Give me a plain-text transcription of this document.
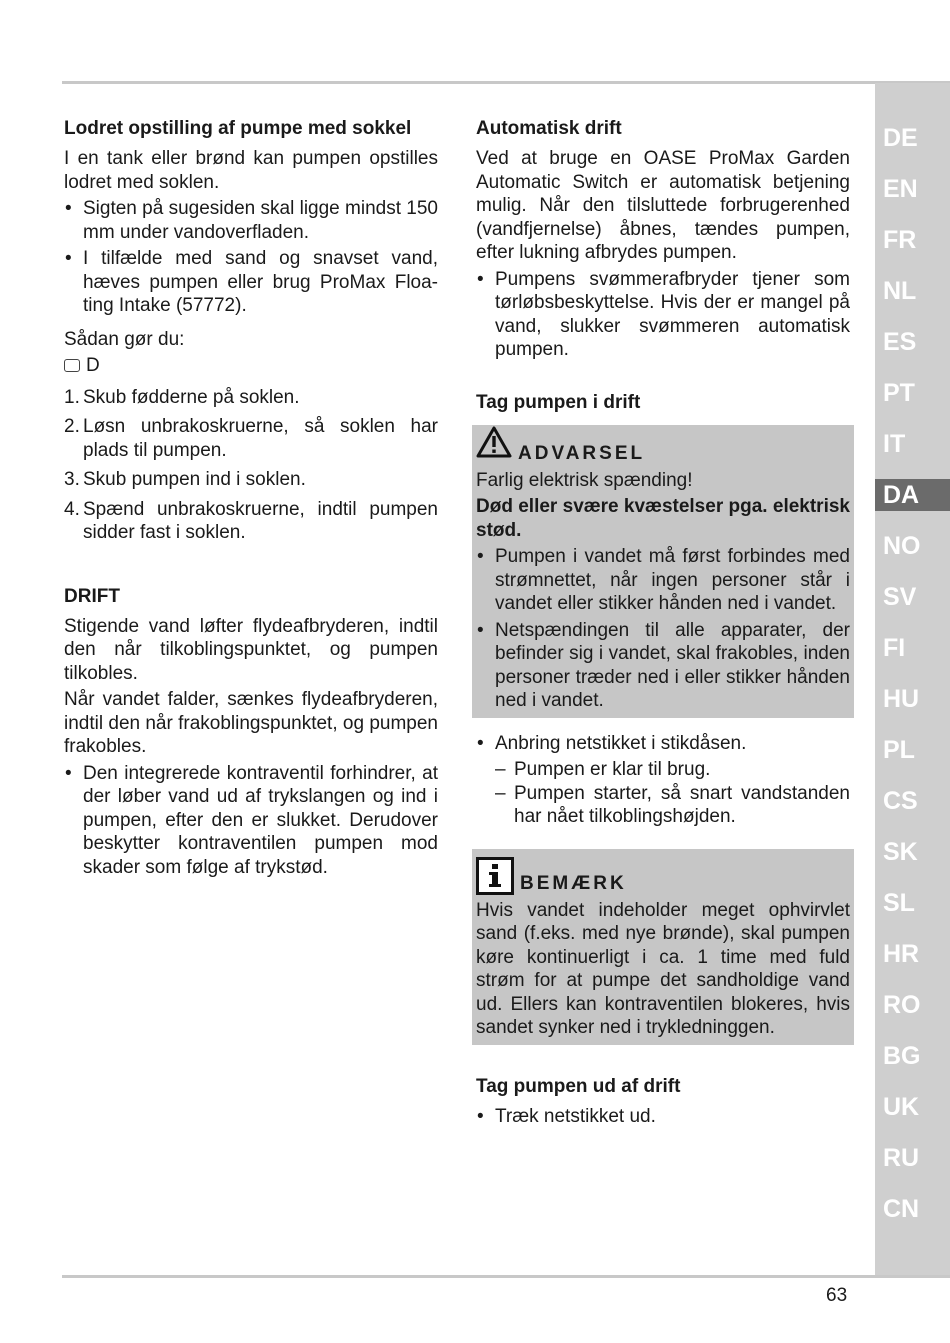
DE
EN
FR
NL
ES
PT
IT
DA
NO
SV
FI
HU
PL
CS
SK
SL
HR
RO
BG
UK
RU
CN
Lodret opstilling af pumpe med sokkel

I en tank eller brønd kan pumpen opstilles lodret med soklen.

• Sigten på sugesiden skal ligge mindst 150 mm under vandoverfladen.
• I tilfælde med sand og snavset vand, hæves pumpen eller brug ProMax Floating Intake (57772).

Sådan gør du:

D
1. Skub fødderne på soklen.
2. Løsn unbrakoskruerne, så soklen har plads til pumpen.
3. Skub pumpen ind i soklen.
4. Spænd unbrakoskruerne, indtil pumpen sidder fast i soklen.
DRIFT

Stigende vand løfter flydeafbryderen, indtil den når tilkoblingspunktet, og pumpen tilkobles.

Når vandet falder, sænkes flydeafbryderen, indtil den når frakoblingspunktet, og pumpen frakobles.

• Den integrerede kontraventil forhindrer, at der løber vand ud af trykslangen og ind i pumpen, efter den er slukket. Derudover beskytter kontraventilen pumpen mod skader som følge af trykstød.
Automatisk drift

Ved at bruge en OASE ProMax Garden Automatic Switch er automatisk betjening mulig. Når den tilsluttede forbrugerenhed (vandfjernelse) åbnes, tændes pumpen, efter lukning afbrydes pumpen.

• Pumpens svømmerafbryder tjener som tørløbsbeskyttelse. Hvis der er mangel på vand, slukker svømmeren automatisk pumpen.
Tag pumpen i drift
ADVARSEL

Farlig elektrisk spænding!

Død eller svære kvæstelser pga. elektrisk stød.

• Pumpen i vandet må først forbindes med strømnettet, når ingen personer står i vandet eller stikker hånden ned i vandet.
• Netspændingen til alle apparater, der befinder sig i vandet, skal frakobles, inden personer træder ned i eller stikker hånden ned i vandet.
• Anbring netstikket i stikdåsen.
– Pumpen er klar til brug.
– Pumpen starter, så snart vandstanden har nået tilkoblingshøjden.
BEMÆRK

Hvis vandet indeholder meget ophvirvlet sand (f.eks. med nye brønde), skal pumpen køre kontinuerligt i ca. 1 time med fuld strøm for at pumpe det sandholdige vand ud. Ellers kan kontraventilen blokeres, hvis sandet synker ned i trykledninggen.

Tag pumpen ud af drift
• Træk netstikket ud.
63
